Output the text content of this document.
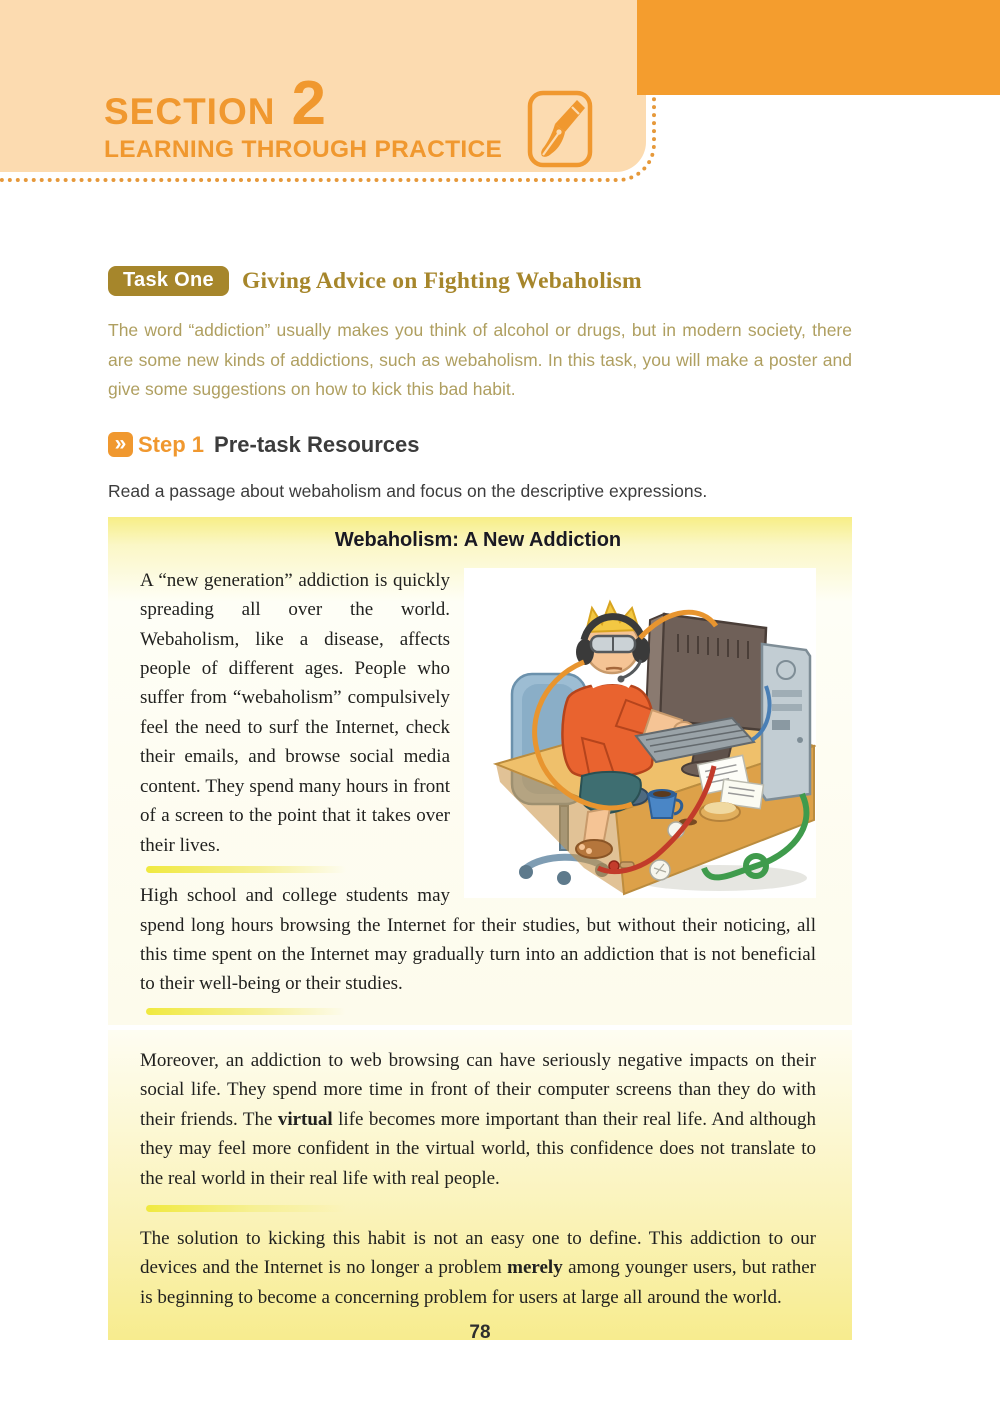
SECTION 2
LEARNING THROUGH PRACTICE
Task One	Giving Advice on Fighting Webaholism
The word “addiction” usually makes you think of alcohol or drugs, but in modern society, there are some new kinds of addictions, such as webaholism. In this task, you will make a poster and give some suggestions on how to kick this bad habit.
» Step 1 Pre-task Resources
Read a passage about webaholism and focus on the descriptive expressions.
Webaholism: A New Addiction

A “new generation” addiction is quickly spreading all over the world. Webaholism, like a disease, affects people of different ages. People who suffer from “webaholism” compulsively feel the need to surf the Internet, check their emails, and browse social media content. They spend many hours in front of a screen to the point that it takes over their lives.

High school and college students may spend long hours browsing the Internet for their studies, but without their noticing, all this time spent on the Internet may gradually turn into an addiction that is not beneficial to their well-being or their studies.

Moreover, an addiction to web browsing can have seriously negative impacts on their social life. They spend more time in front of their computer screens than they do with their friends. The virtual life becomes more important than their real life. And although they may feel more confident in the virtual world, this confidence does not translate to the real world in their real life with real people.

The solution to kicking this habit is not an easy one to define. This addiction to our devices and the Internet is no longer a problem merely among younger users, but rather is beginning to become a concerning problem for users at large all around the world.

78
